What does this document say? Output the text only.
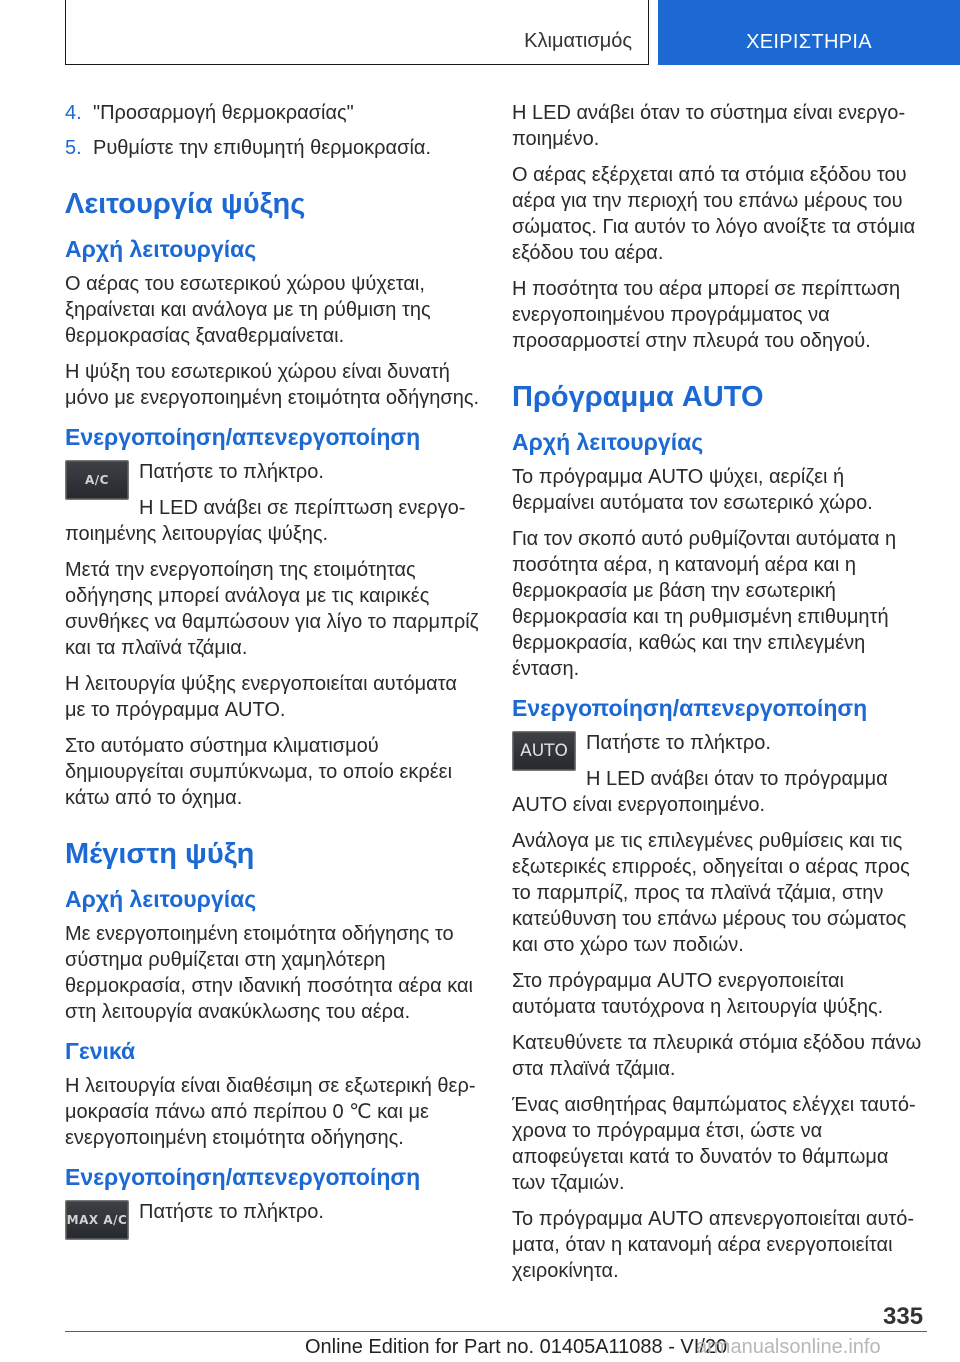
Κλιματισμός	ΧΕΙΡΙΣΤΗΡΙΑ
4. "Προσαρμογή θερμοκρασίας"
5. Ρυθμίστε την επιθυμητή θερμοκρασία.
Λειτουργία ψύξης
Αρχή λειτουργίας

Ο αέρας του εσωτερικού χώρου ψύχεται, ξηραίνεται και ανάλογα με τη ρύθμιση της θερμοκρασίας ξαναθερμαίνεται.

Η ψύξη του εσωτερικού χώρου είναι δυνατή μόνο με ενεργοποιημένη ετοιμότητα οδήγησης.

Ενεργοποίηση/απενεργοποίηση
A/C	Πατήστε το πλήκτρο.

Η LED ανάβει σε περίπτωση ενεργοποιημένης λειτουργίας ψύξης.

Μετά την ενεργοποίηση της ετοιμότητας οδήγησης μπορεί ανάλογα με τις καιρικές συνθήκες να θαμπώσουν για λίγο το παρμπρίζ και τα πλαϊνά τζάμια.

Η λειτουργία ψύξης ενεργοποιείται αυτόματα με το πρόγραμμα AUTO.

Στο αυτόματο σύστημα κλιματισμού δημιουργείται συμπύκνωμα, το οποίο εκρέει κάτω από το όχημα.

Μέγιστη ψύξη
Αρχή λειτουργίας

Με ενεργοποιημένη ετοιμότητα οδήγησης το σύστημα ρυθμίζεται στη χαμηλότερη θερμοκρασία, στην ιδανική ποσότητα αέρα και στη λειτουργία ανακύκλωσης του αέρα.

Γενικά

Η λειτουργία είναι διαθέσιμη σε εξωτερική θερμοκρασία πάνω από περίπου 0 ℃ και με ενεργοποιημένη ετοιμότητα οδήγησης.

Ενεργοποίηση/απενεργοποίηση
MAX A/C Πατήστε το πλήκτρο.

Η LED ανάβει όταν το σύστημα είναι ενεργοποιημένο.

Ο αέρας εξέρχεται από τα στόμια εξόδου του αέρα για την περιοχή του επάνω μέρους του σώματος. Για αυτόν το λόγο ανοίξτε τα στόμια εξόδου του αέρα.

Η ποσότητα του αέρα μπορεί σε περίπτωση ενεργοποιημένου προγράμματος να προσαρμοστεί στην πλευρά του οδηγού.

Πρόγραμμα AUTO
Αρχή λειτουργίας

Το πρόγραμμα AUTO ψύχει, αερίζει ή θερμαίνει αυτόματα τον εσωτερικό χώρο.

Για τον σκοπό αυτό ρυθμίζονται αυτόματα η ποσότητα αέρα, η κατανομή αέρα και η θερμοκρασία με βάση την εσωτερική θερμοκρασία και τη ρυθμισμένη επιθυμητή θερμοκρασία, καθώς και την επιλεγμένη ένταση.

Ενεργοποίηση/απενεργοποίηση
AUTO Πατήστε το πλήκτρο.

Η LED ανάβει όταν το πρόγραμμα AUTO είναι ενεργοποιημένο.

Ανάλογα με τις επιλεγμένες ρυθμίσεις και τις εξωτερικές επιρροές, οδηγείται ο αέρας προς το παρμπρίζ, προς τα πλαϊνά τζάμια, στην κατεύθυνση του επάνω μέρους του σώματος και στο χώρο των ποδιών.

Στο πρόγραμμα AUTO ενεργοποιείται αυτόματα ταυτόχρονα η λειτουργία ψύξης.

Κατευθύνετε τα πλευρικά στόμια εξόδου πάνω στα πλαϊνά τζάμια.

Ένας αισθητήρας θαμπώματος ελέγχει ταυτόχρονα το πρόγραμμα έτσι, ώστε να αποφεύγεται κατά το δυνατόν το θάμπωμα των τζαμιών.

Το πρόγραμμα AUTO απενεργοποιείται αυτόματα, όταν η κατανομή αέρα ενεργοποιείται χειροκίνητα.

335
Online Edition for Part no. 01405A11088 - VI/20
armanualsonline.info
